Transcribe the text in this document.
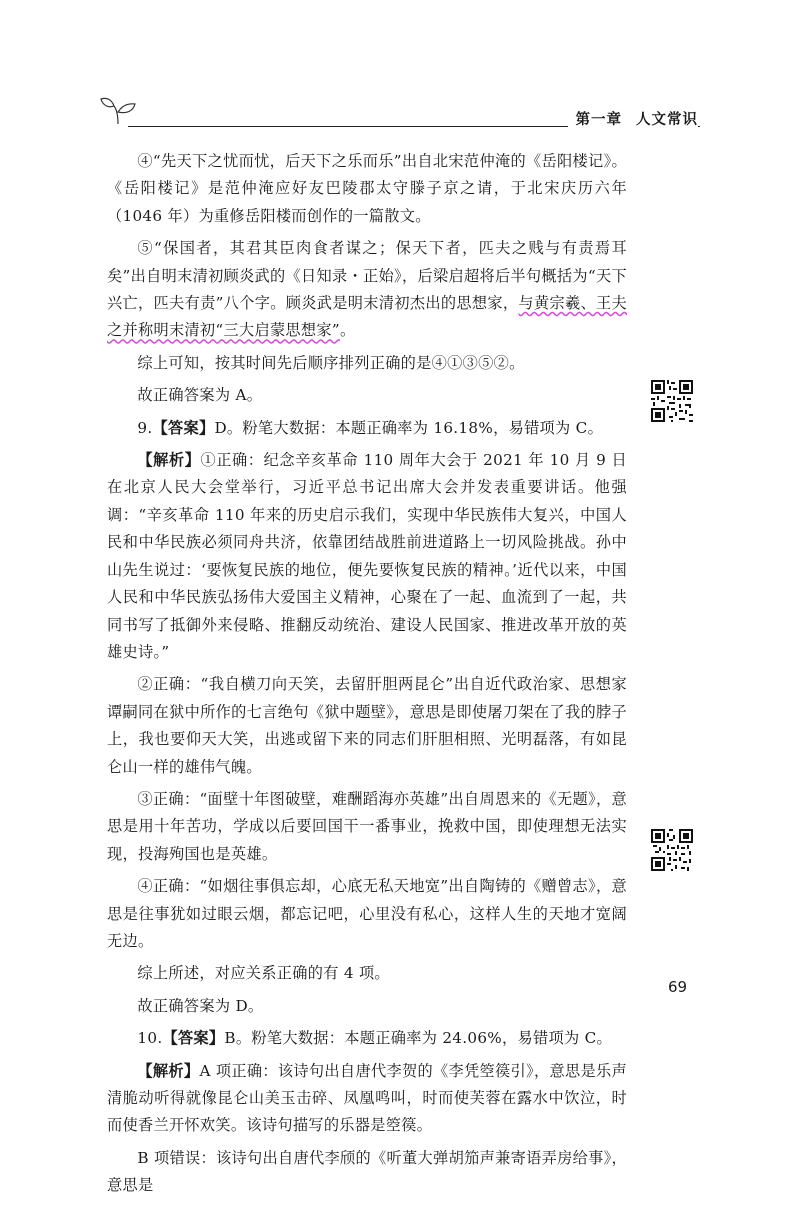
第一章 人文常识

④“先天下之忧而忧，后天下之乐而乐”出自北宋范仲淹的《岳阳楼记》。《岳阳楼记》是范仲淹应好友巴陵郡太守滕子京之请，于北宋庆历六年（1046 年）为重修岳阳楼而创作的一篇散文。

⑤“保国者，其君其臣肉食者谋之；保天下者，匹夫之贱与有责焉耳矣”出自明末清初顾炎武的《日知录・正始》，后梁启超将后半句概括为“天下兴亡，匹夫有责”八个字。顾炎武是明末清初杰出的思想家，与黄宗羲、王夫之并称明末清初“三大启蒙思想家”。

综上可知，按其时间先后顺序排列正确的是④①③⑤②。

故正确答案为 A。

9.【答案】D。粉笔大数据：本题正确率为 16.18%，易错项为 C。

【解析】①正确：纪念辛亥革命 110 周年大会于 2021 年 10 月 9 日在北京人民大会堂举行，习近平总书记出席大会并发表重要讲话。他强调：“辛亥革命 110 年来的历史启示我们，实现中华民族伟大复兴，中国人民和中华民族必须同舟共济，依靠团结战胜前进道路上一切风险挑战。孙中山先生说过：‘要恢复民族的地位，便先要恢复民族的精神。’近代以来，中国人民和中华民族弘扬伟大爱国主义精神，心聚在了一起、血流到了一起，共同书写了抵御外来侵略、推翻反动统治、建设人民国家、推进改革开放的英雄史诗。”

②正确：“我自横刀向天笑，去留肝胆两昆仑”出自近代政治家、思想家谭嗣同在狱中所作的七言绝句《狱中题壁》，意思是即使屠刀架在了我的脖子上，我也要仰天大笑，出逃或留下来的同志们肝胆相照、光明磊落，有如昆仑山一样的雄伟气魄。

③正确：“面壁十年图破壁，难酬蹈海亦英雄”出自周恩来的《无题》，意思是用十年苦功，学成以后要回国干一番事业，挽救中国，即使理想无法实现，投海殉国也是英雄。

④正确：“如烟往事俱忘却，心底无私天地宽”出自陶铸的《赠曾志》，意思是往事犹如过眼云烟，都忘记吧，心里没有私心，这样人生的天地才宽阔无边。

综上所述，对应关系正确的有 4 项。

故正确答案为 D。

10.【答案】B。粉笔大数据：本题正确率为 24.06%，易错项为 C。

【解析】A 项正确：该诗句出自唐代李贺的《李凭箜篌引》，意思是乐声清脆动听得就像昆仑山美玉击碎、凤凰鸣叫，时而使芙蓉在露水中饮泣，时而使香兰开怀欢笑。该诗句描写的乐器是箜篌。

B 项错误：该诗句出自唐代李颀的《听董大弹胡笳声兼寄语弄房给事》，意思是

69
